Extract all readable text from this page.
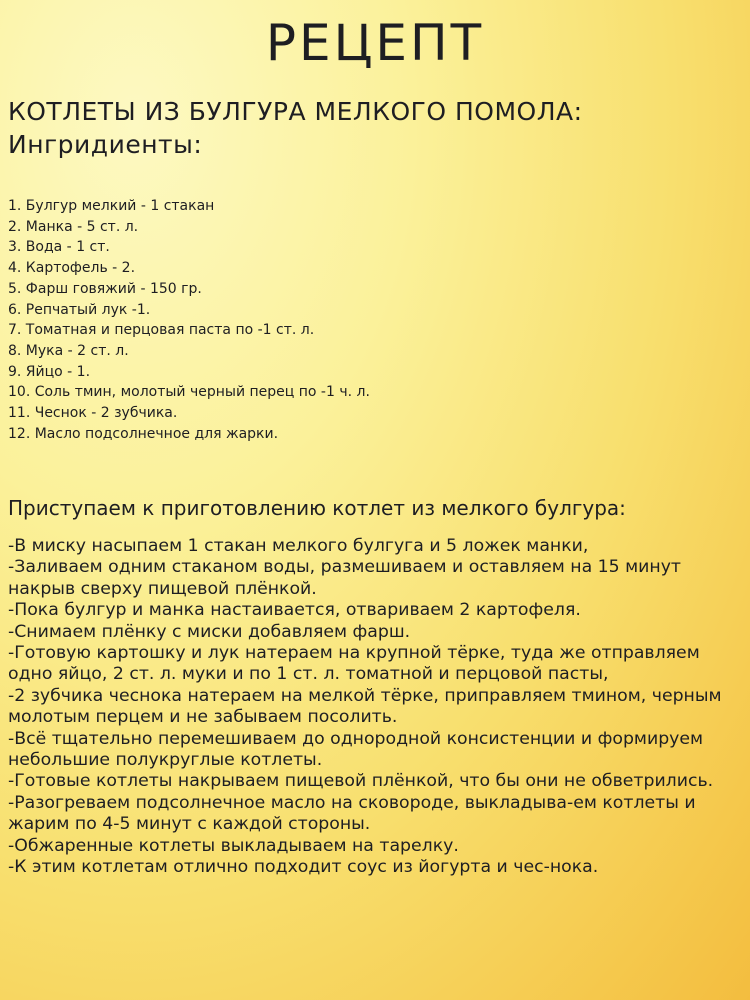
РЕЦЕПТ
КОТЛЕТЫ ИЗ БУЛГУРА МЕЛКОГО ПОМОЛА:
Ингридиенты:
1. Булгур мелкий - 1 стакан
2. Манка - 5 ст. л.
3. Вода - 1 ст.
4. Картофель - 2.
5. Фарш говяжий - 150 гр.
6. Репчатый лук -1.
7. Томатная и перцовая паста по -1 ст. л.
8. Мука - 2 ст. л.
9. Яйцо - 1.
10. Соль тмин, молотый черный перец по -1 ч. л.
11. Чеснок - 2 зубчика.
12. Масло подсолнечное для жарки.
Приступаем к приготовлению котлет из мелкого булгура:
-В миску насыпаем 1 стакан мелкого булгуга и 5 ложек манки,
-Заливаем одним стаканом воды, размешиваем и оставляем на 15 минут накрыв сверху пищевой плёнкой.
-Пока булгур и манка настаивается, отвариваем 2 картофеля.
-Снимаем плёнку с миски добавляем фарш.
-Готовую картошку и лук натераем на крупной тёрке, туда же отправляем одно яйцо, 2 ст. л. муки и по 1 ст. л. томатной и перцовой пасты,
-2 зубчика чеснока натераем на мелкой тёрке, приправляем тмином, черным молотым перцем и не забываем посолить.
-Всё тщательно перемешиваем до однородной консистенции и формируем небольшие полукруглые котлеты.
-Готовые котлеты накрываем пищевой плёнкой, что бы они не обветрились.
-Разогреваем подсолнечное масло на сковороде, выкладыва-ем котлеты и жарим по 4-5 минут с каждой стороны.
-Обжаренные котлеты выкладываем на тарелку.
-К этим котлетам отлично подходит соус из йогурта и чес-нока.
